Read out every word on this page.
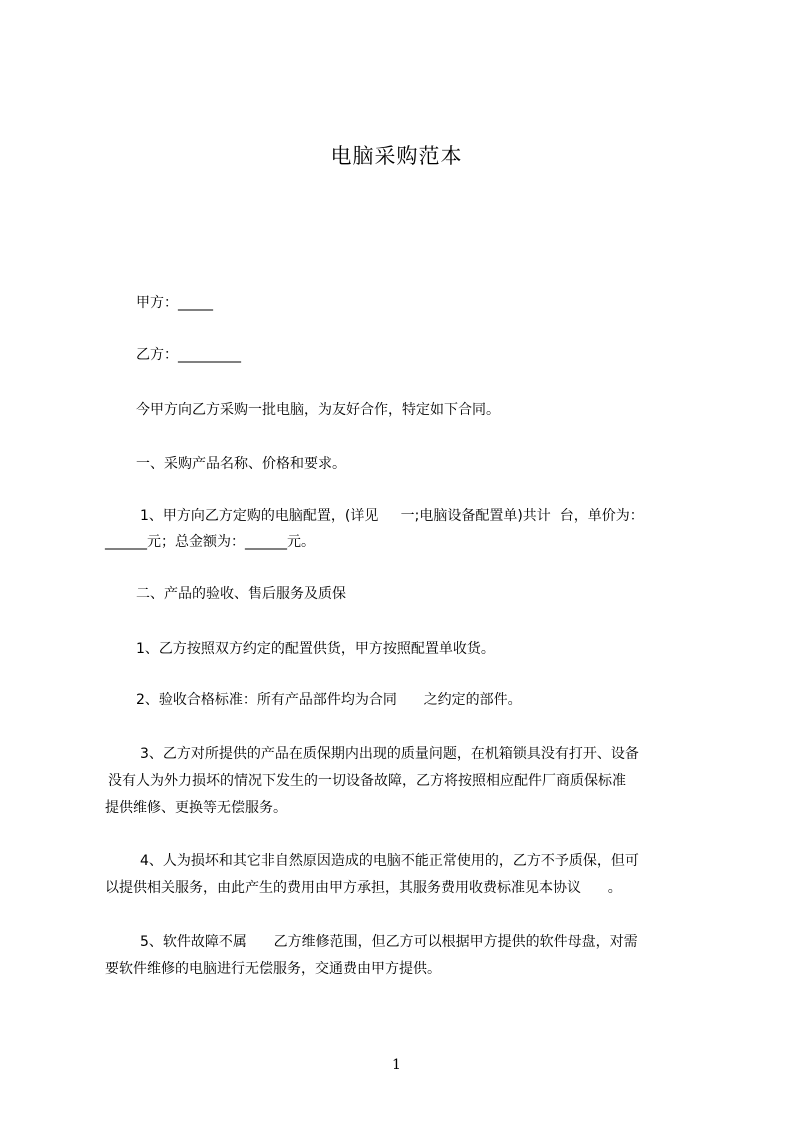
电脑采购范本
甲方：_____
乙方：_________
今甲方向乙方采购一批电脑，为友好合作，特定如下合同。
一、采购产品名称、价格和要求。
1、甲方向乙方定购的电脑配置，(详见     一;电脑设备配置单)共计  台，单价为：
______元；总金额为：______元。
二、产品的验收、售后服务及质保
1、乙方按照双方约定的配置供货，甲方按照配置单收货。
2、验收合格标准：所有产品部件均为合同      之约定的部件。
3、乙方对所提供的产品在质保期内出现的质量问题，在机箱锁具没有打开、设备
没有人为外力损坏的情况下发生的一切设备故障，乙方将按照相应配件厂商质保标准
提供维修、更换等无偿服务。
4、人为损坏和其它非自然原因造成的电脑不能正常使用的，乙方不予质保，但可
以提供相关服务，由此产生的费用由甲方承担，其服务费用收费标准见本协议      。
5、软件故障不属      乙方维修范围，但乙方可以根据甲方提供的软件母盘，对需
要软件维修的电脑进行无偿服务，交通费由甲方提供。
1
